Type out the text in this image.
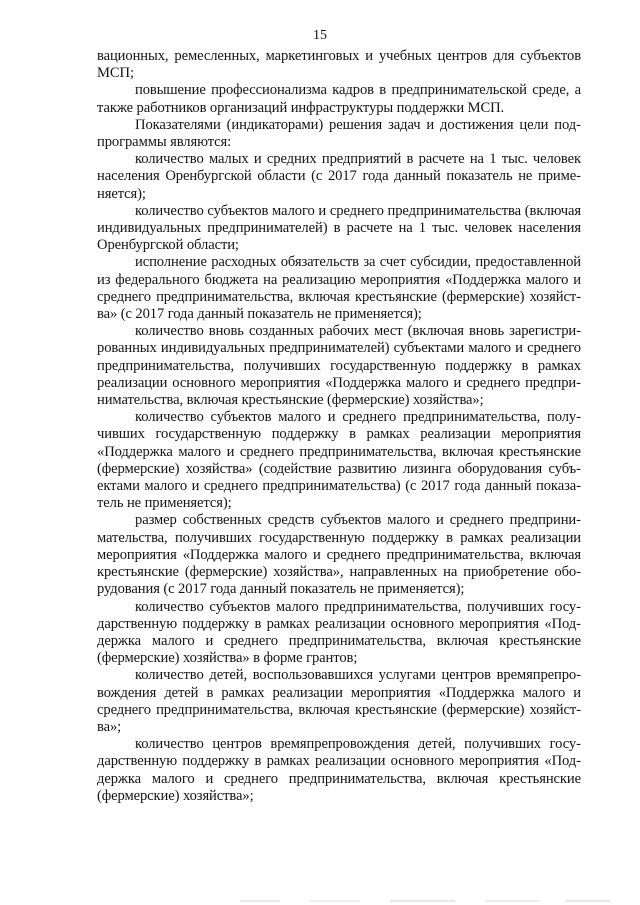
15

вационных, ремесленных, маркетинговых и учебных центров для субъектов МСП;

повышение профессионализма кадров в предпринимательской среде, а также работников организаций инфраструктуры поддержки МСП.

Показателями (индикаторами) решения задач и достижения цели подпрограммы являются:

количество малых и средних предприятий в расчете на 1 тыс. человек населения Оренбургской области (с 2017 года данный показатель не применяется);

количество субъектов малого и среднего предпринимательства (включая индивидуальных предпринимателей) в расчете на 1 тыс. человек населения Оренбургской области;

исполнение расходных обязательств за счет субсидии, предоставленной из федерального бюджета на реализацию мероприятия «Поддержка малого и среднего предпринимательства, включая крестьянские (фермерские) хозяйства» (с 2017 года данный показатель не применяется);

количество вновь созданных рабочих мест (включая вновь зарегистрированных индивидуальных предпринимателей) субъектами малого и среднего предпринимательства, получивших государственную поддержку в рамках реализации основного мероприятия «Поддержка малого и среднего предпринимательства, включая крестьянские (фермерские) хозяйства»;

количество субъектов малого и среднего предпринимательства, получивших государственную поддержку в рамках реализации мероприятия «Поддержка малого и среднего предпринимательства, включая крестьянские (фермерские) хозяйства» (содействие развитию лизинга оборудования субъектами малого и среднего предпринимательства) (с 2017 года данный показатель не применяется);

размер собственных средств субъектов малого и среднего предпринимательства, получивших государственную поддержку в рамках реализации мероприятия «Поддержка малого и среднего предпринимательства, включая крестьянские (фермерские) хозяйства», направленных на приобретение оборудования (с 2017 года данный показатель не применяется);

количество субъектов малого предпринимательства, получивших государственную поддержку в рамках реализации основного мероприятия «Поддержка малого и среднего предпринимательства, включая крестьянские (фермерские) хозяйства» в форме грантов;

количество детей, воспользовавшихся услугами центров времяпрепровождения детей в рамках реализации мероприятия «Поддержка малого и среднего предпринимательства, включая крестьянские (фермерские) хозяйства»;

количество центров времяпрепровождения детей, получивших государственную поддержку в рамках реализации основного мероприятия «Поддержка малого и среднего предпринимательства, включая крестьянские (фермерские) хозяйства»;
